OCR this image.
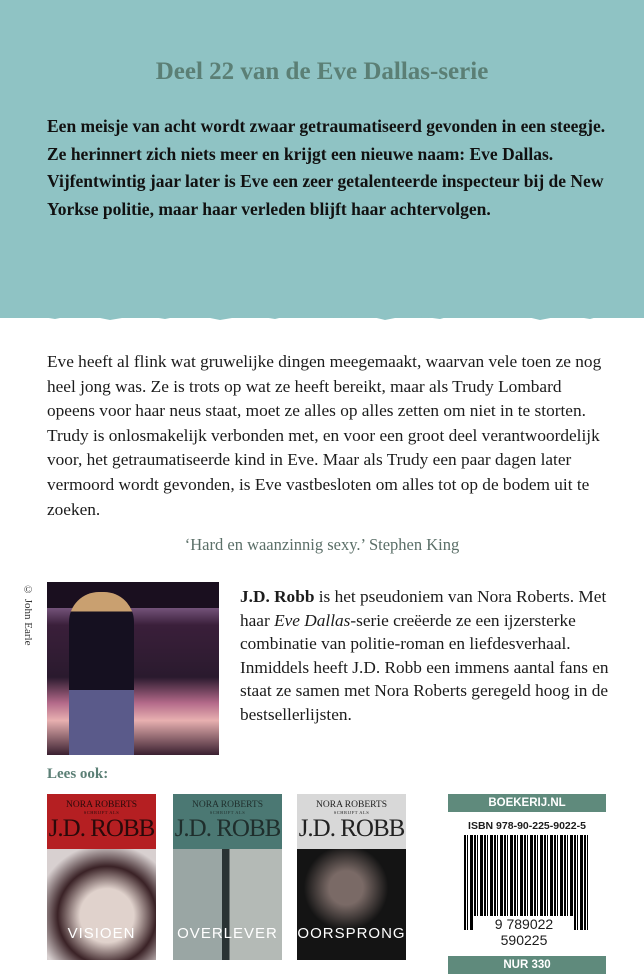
Deel 22 van de Eve Dallas-serie
Een meisje van acht wordt zwaar getraumatiseerd gevonden in een steegje. Ze herinnert zich niets meer en krijgt een nieuwe naam: Eve Dallas. Vijfentwintig jaar later is Eve een zeer getalenteerde inspecteur bij de New Yorkse politie, maar haar verleden blijft haar achtervolgen.
Eve heeft al flink wat gruwelijke dingen meegemaakt, waarvan vele toen ze nog heel jong was. Ze is trots op wat ze heeft bereikt, maar als Trudy Lombard opeens voor haar neus staat, moet ze alles op alles zetten om niet in te storten. Trudy is onlosmakelijk verbonden met, en voor een groot deel verantwoordelijk voor, het getraumatiseerde kind in Eve. Maar als Trudy een paar dagen later vermoord wordt gevonden, is Eve vastbesloten om alles tot op de bodem uit te zoeken.
‘Hard en waanzinnig sexy.’ Stephen King
© John Earle	J.D. Robb is het pseudoniem van Nora Roberts. Met haar Eve Dallas-serie creëerde ze een ijzersterke combinatie van politie-roman en liefdesverhaal. Inmiddels heeft J.D. Robb een immens aantal fans en staat ze samen met Nora Roberts geregeld hoog in de bestsellerlijsten.
Lees ook:
NORA ROBERTS
SCHRIJFT ALS
J.D. ROBB
VISIOEN
NORA ROBERTS
SCHRIJFT ALS
J.D. ROBB
OVERLEVER
NORA ROBERTS
SCHRIJFT ALS
J.D. ROBB
OORSPRONG
BOEKERIJ.NL
ISBN 978-90-225-9022-5
9 789022 590225
NUR 330
